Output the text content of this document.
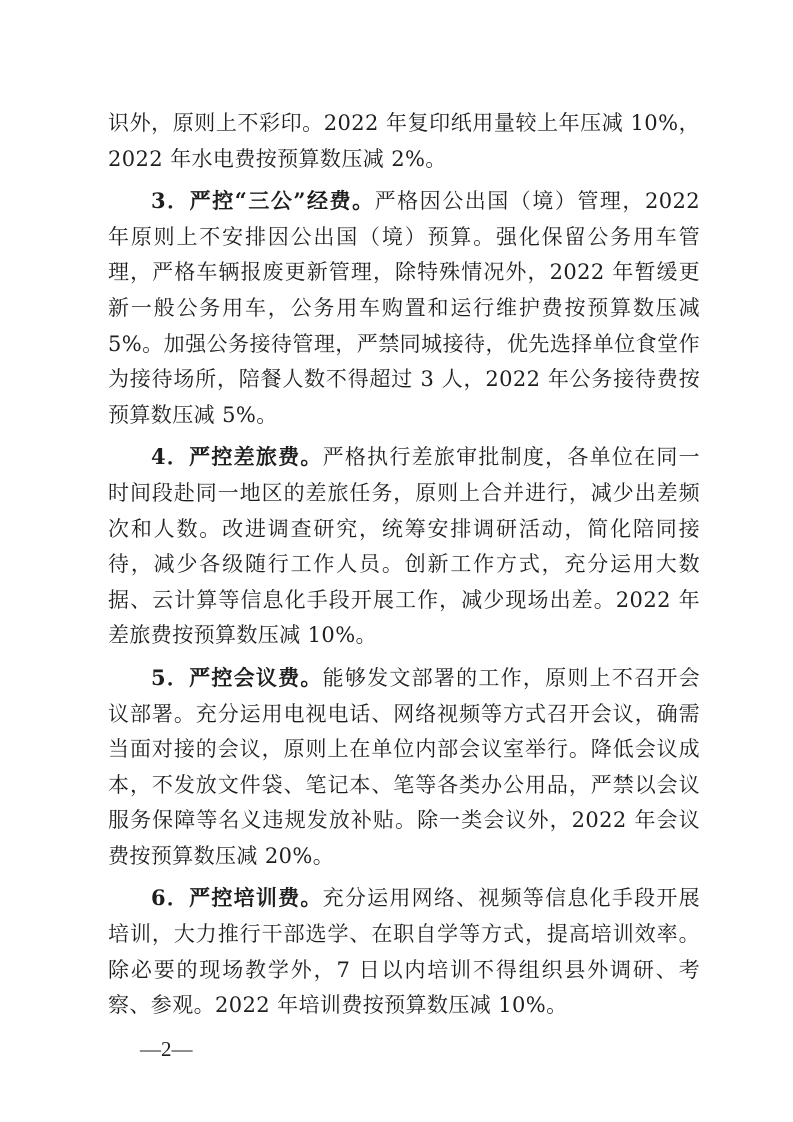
识外，原则上不彩印。2022 年复印纸用量较上年压减 10%，2022 年水电费按预算数压减 2%。

3．严控“三公”经费。严格因公出国（境）管理，2022 年原则上不安排因公出国（境）预算。强化保留公务用车管理，严格车辆报废更新管理，除特殊情况外，2022 年暂缓更新一般公务用车，公务用车购置和运行维护费按预算数压减 5%。加强公务接待管理，严禁同城接待，优先选择单位食堂作为接待场所，陪餐人数不得超过 3 人，2022 年公务接待费按预算数压减 5%。

4．严控差旅费。严格执行差旅审批制度，各单位在同一时间段赴同一地区的差旅任务，原则上合并进行，减少出差频次和人数。改进调查研究，统筹安排调研活动，简化陪同接待，减少各级随行工作人员。创新工作方式，充分运用大数据、云计算等信息化手段开展工作，减少现场出差。2022 年差旅费按预算数压减 10%。

5．严控会议费。能够发文部署的工作，原则上不召开会议部署。充分运用电视电话、网络视频等方式召开会议，确需当面对接的会议，原则上在单位内部会议室举行。降低会议成本，不发放文件袋、笔记本、笔等各类办公用品，严禁以会议服务保障等名义违规发放补贴。除一类会议外，2022 年会议费按预算数压减 20%。

6．严控培训费。充分运用网络、视频等信息化手段开展培训，大力推行干部选学、在职自学等方式，提高培训效率。除必要的现场教学外，7 日以内培训不得组织县外调研、考察、参观。2022 年培训费按预算数压减 10%。

—2—
